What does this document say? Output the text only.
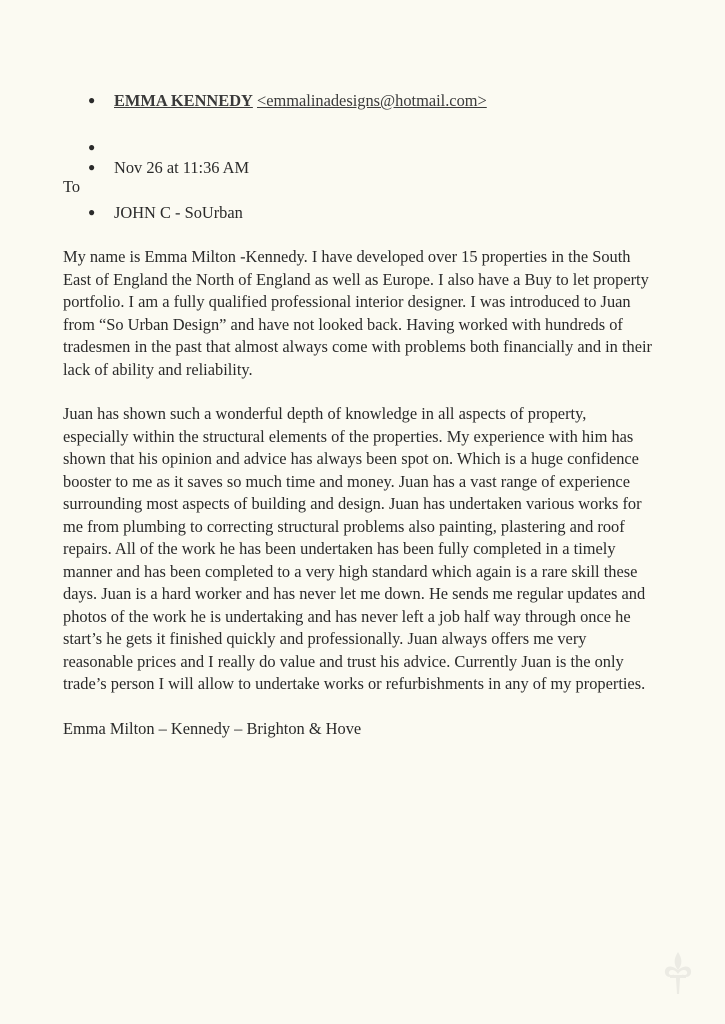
● EMMA KENNEDY <emmalinadesigns@hotmail.com>
●
● Nov 26 at 11:36 AM
● JOHN C - SoUrban
To

My name is Emma Milton -Kennedy. I have developed over 15 properties in the South East of England the North of England as well as Europe. I also have a Buy to let property portfolio. I am a fully qualified professional interior designer. I was introduced to Juan from “So Urban Design” and have not looked back. Having worked with hundreds of tradesmen in the past that almost always come with problems both financially and in their lack of ability and reliability.

Juan has shown such a wonderful depth of knowledge in all aspects of property, especially within the structural elements of the properties. My experience with him has shown that his opinion and advice has always been spot on. Which is a huge confidence booster to me as it saves so much time and money. Juan has a vast range of experience surrounding most aspects of building and design. Juan has undertaken various works for me from plumbing to correcting structural problems also painting, plastering and roof repairs. All of the work he has been undertaken has been fully completed in a timely manner and has been completed to a very high standard which again is a rare skill these days. Juan is a hard worker and has never let me down. He sends me regular updates and photos of the work he is undertaking and has never left a job half way through once he start’s he gets it finished quickly and professionally. Juan always offers me very reasonable prices and I really do value and trust his advice. Currently Juan is the only trade’s person I will allow to undertake works or refurbishments in any of my properties.

Emma Milton – Kennedy – Brighton & Hove
